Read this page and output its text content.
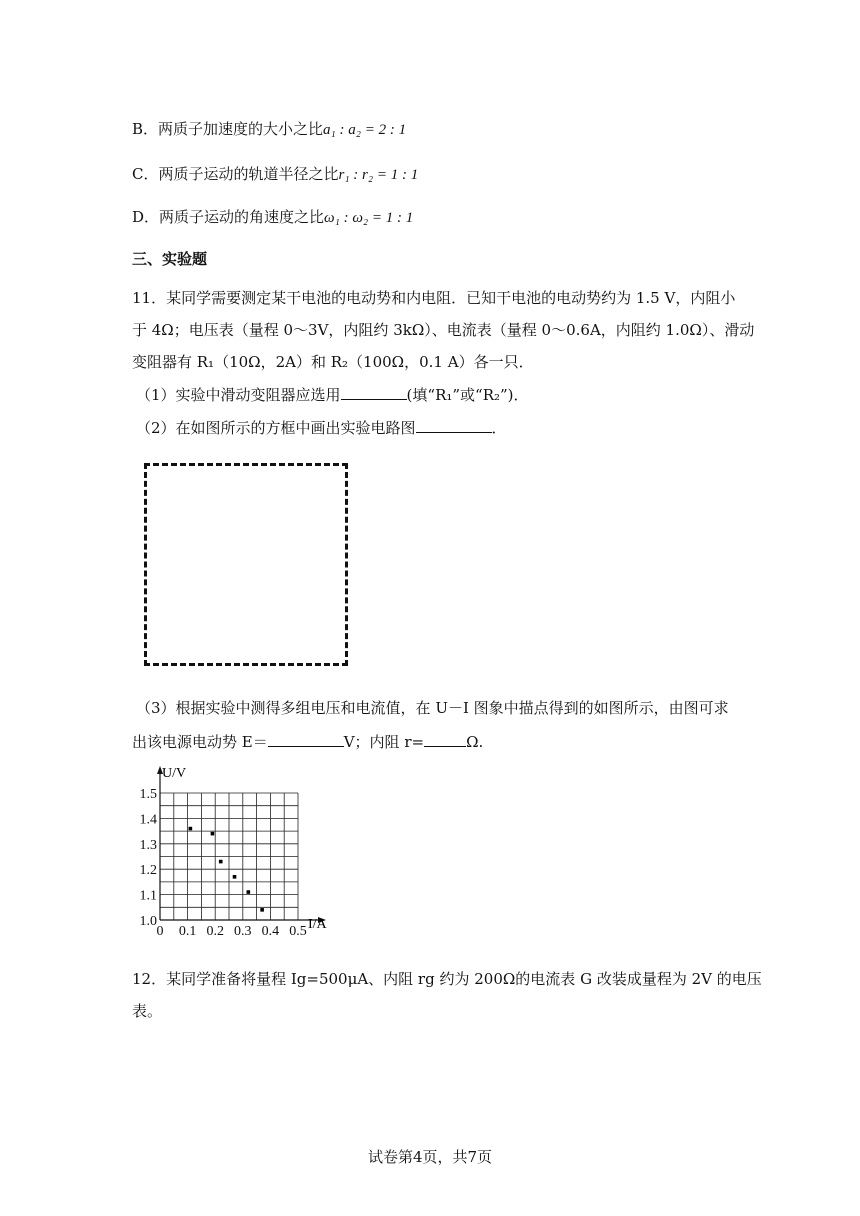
B．两质子加速度的大小之比a₁ : a₂ = 2 : 1
C．两质子运动的轨道半径之比r₁ : r₂ = 1 : 1
D．两质子运动的角速度之比ω₁ : ω₂ = 1 : 1
三、实验题
11．某同学需要测定某干电池的电动势和内电阻．已知干电池的电动势约为 1.5 V，内阻小
于 4Ω；电压表（量程 0～3V，内阻约 3kΩ）、电流表（量程 0～0.6A，内阻约 1.0Ω）、滑动
变阻器有 R₁（10Ω，2A）和 R₂（100Ω，0.1 A）各一只．
（1）实验中滑动变阻器应选用	(填“R₁”或“R₂”)．
（2）在如图所示的方框中画出实验电路图	．
（3）根据实验中测得多组电压和电流值，在 U－I 图象中描点得到的如图所示，由图可求
出该电源电动势 E＝	V；内阻 r=	Ω.
1.0
1.1
1.2
1.3
1.4
1.5
0 0.1 0.2 0.3 0.4 0.5
U/V
I/A
12．某同学准备将量程 Ig=500μA、内阻 rg 约为 200Ω的电流表 G 改装成量程为 2V 的电压
表。
试卷第4页，共7页
